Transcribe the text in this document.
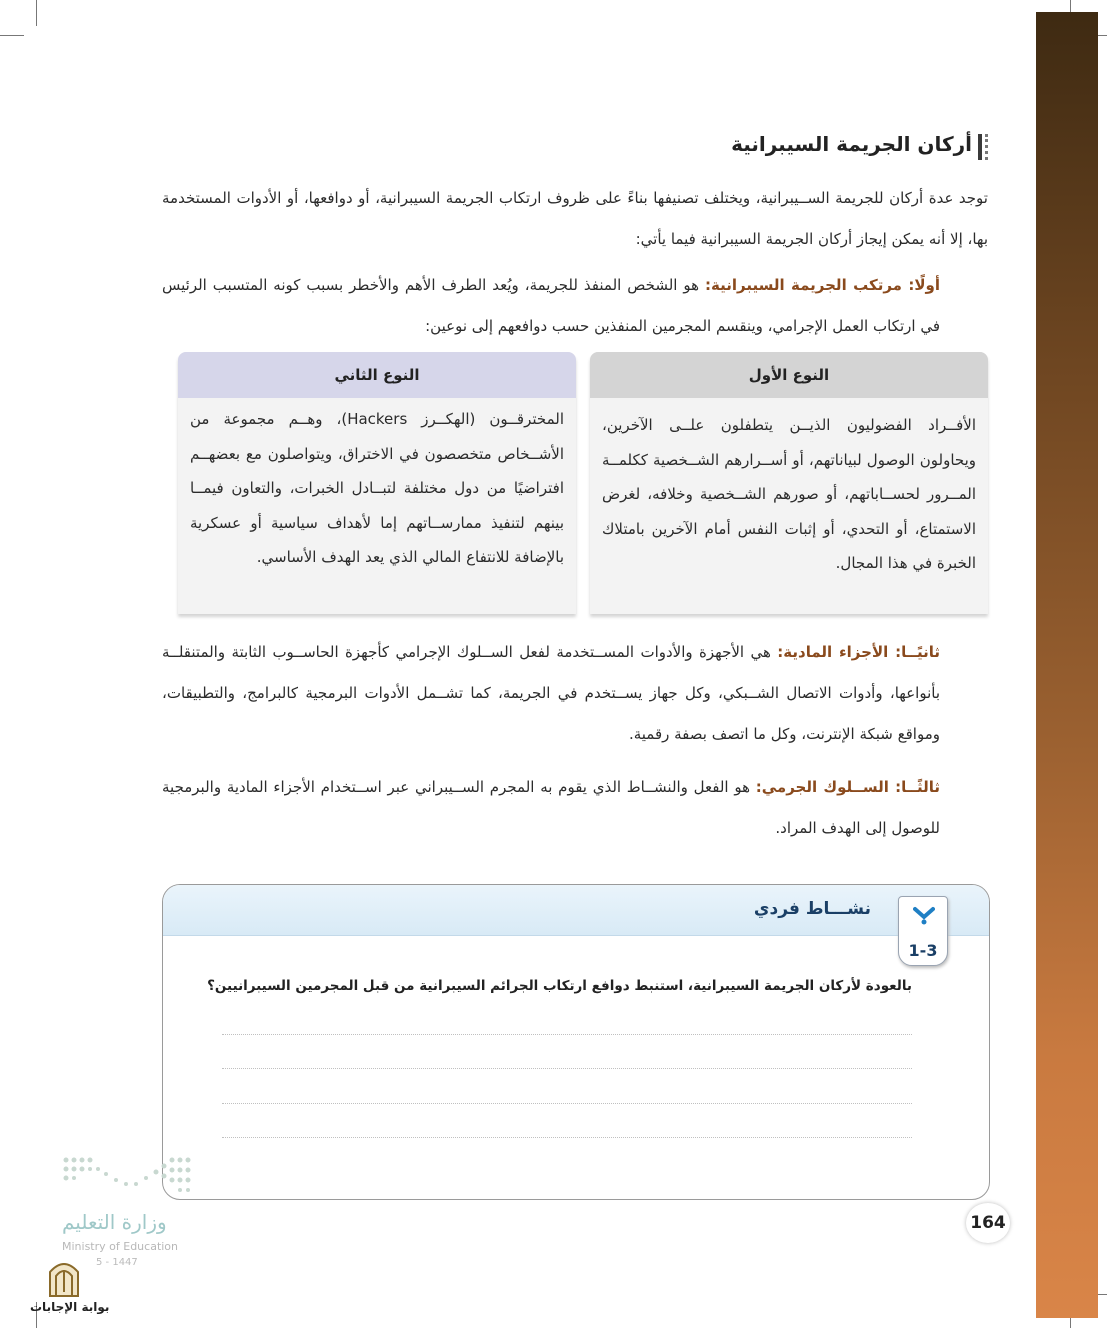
أركان الجريمة السيبرانية
توجد عدة أركان للجريمة الســيبرانية، ويختلف تصنيفها بناءً على ظروف ارتكاب الجريمة السيبرانية، أو دوافعها، أو الأدوات المستخدمة بها، إلا أنه يمكن إيجاز أركان الجريمة السيبرانية فيما يأتي:
أولًا: مرتكب الجريمة السيبرانية: هو الشخص المنفذ للجريمة، ويُعد الطرف الأهم والأخطر بسبب كونه المتسبب الرئيس في ارتكاب العمل الإجرامي، وينقسم المجرمين المنفذين حسب دوافعهم إلى نوعين:
النوع الأول
الأفــراد الفضوليون الذيــن يتطفلون علــى الآخرين، ويحاولون الوصول لبياناتهم، أو أســرارهم الشــخصية ككلمــة المــرور لحســاباتهم، أو صورهم الشــخصية وخلافه، لغرض الاستمتاع، أو التحدي، أو إثبات النفس أمام الآخرين بامتلاك الخبرة في هذا المجال.
النوع الثاني
المخترقــون (الهكــرز Hackers)، وهــم مجموعة من الأشــخاص متخصصون في الاختراق، ويتواصلون مع بعضهــم افتراضيًا من دول مختلفة لتبــادل الخبرات، والتعاون فيمــا بينهم لتنفيذ ممارســاتهم إما لأهداف سياسية أو عسكرية بالإضافة للانتفاع المالي الذي يعد الهدف الأساسي.
ثانيًــا: الأجزاء المادية: هي الأجهزة والأدوات المســتخدمة لفعل الســلوك الإجرامي كأجهزة الحاســوب الثابتة والمتنقلــة بأنواعها، وأدوات الاتصال الشــبكي، وكل جهاز يســتخدم في الجريمة، كما تشــمل الأدوات البرمجية كالبرامج، والتطبيقات، ومواقع شبكة الإنترنت، وكل ما اتصف بصفة رقمية.
ثالثًــا: الســلوك الجرمي: هو الفعل والنشــاط الذي يقوم به المجرم الســيبراني عبر اســتخدام الأجزاء المادية والبرمجية للوصول إلى الهدف المراد.
نشـــاط فردي
1-3
بالعودة لأركان الجريمة السيبرانية، استنبط دوافع ارتكاب الجرائم السيبرانية من قبل المجرمين السيبرانيين؟
164
وزارة التعليم
Ministry of Education
5 - 1447
بوابة الإجابات
